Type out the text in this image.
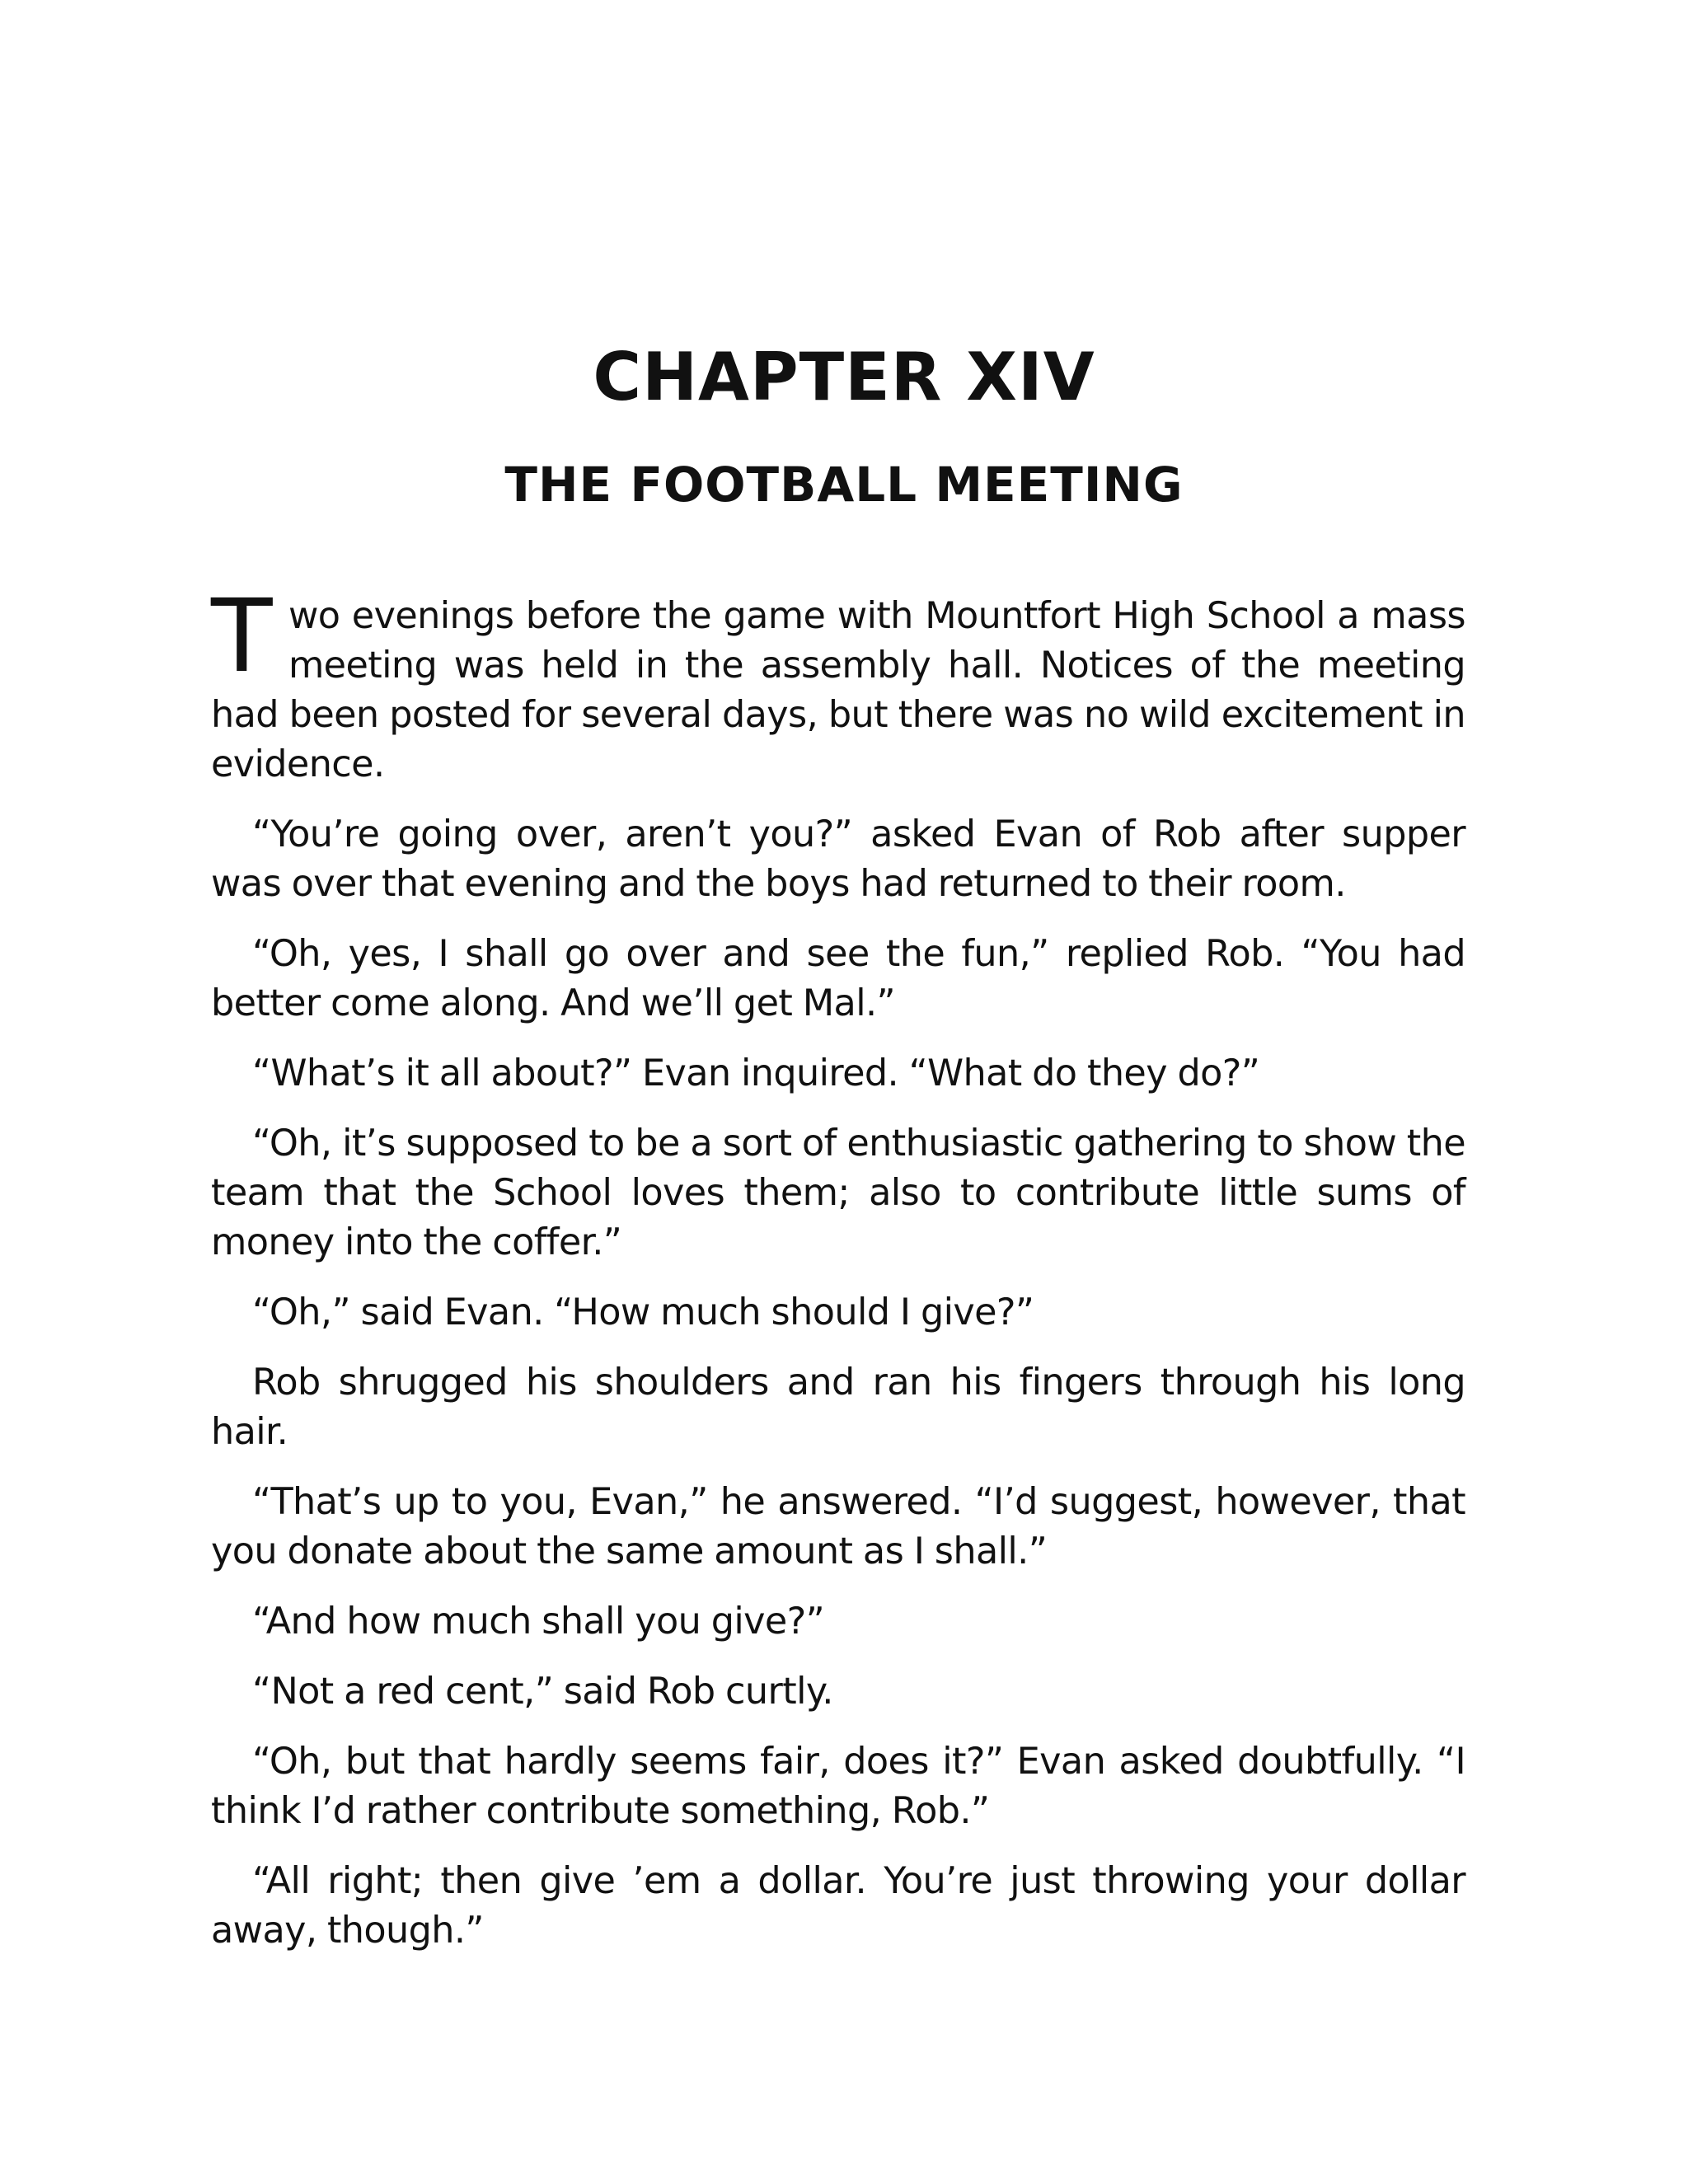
CHAPTER XIV
THE FOOTBALL MEETING

Two evenings before the game with Mountfort High School a mass meeting was held in the assembly hall. Notices of the meeting had been posted for several days, but there was no wild excitement in evidence.

“You’re going over, aren’t you?” asked Evan of Rob after supper was over that evening and the boys had returned to their room.

“Oh, yes, I shall go over and see the fun,” replied Rob. “You had better come along. And we’ll get Mal.”

“What’s it all about?” Evan inquired. “What do they do?”

“Oh, it’s supposed to be a sort of enthusiastic gathering to show the team that the School loves them; also to contribute little sums of money into the coffer.”

“Oh,” said Evan. “How much should I give?”

Rob shrugged his shoulders and ran his fingers through his long hair.

“That’s up to you, Evan,” he answered. “I’d suggest, however, that you donate about the same amount as I shall.”

“And how much shall you give?”

“Not a red cent,” said Rob curtly.

“Oh, but that hardly seems fair, does it?” Evan asked doubtfully. “I think I’d rather contribute something, Rob.”

“All right; then give ’em a dollar. You’re just throwing your dollar away, though.”
